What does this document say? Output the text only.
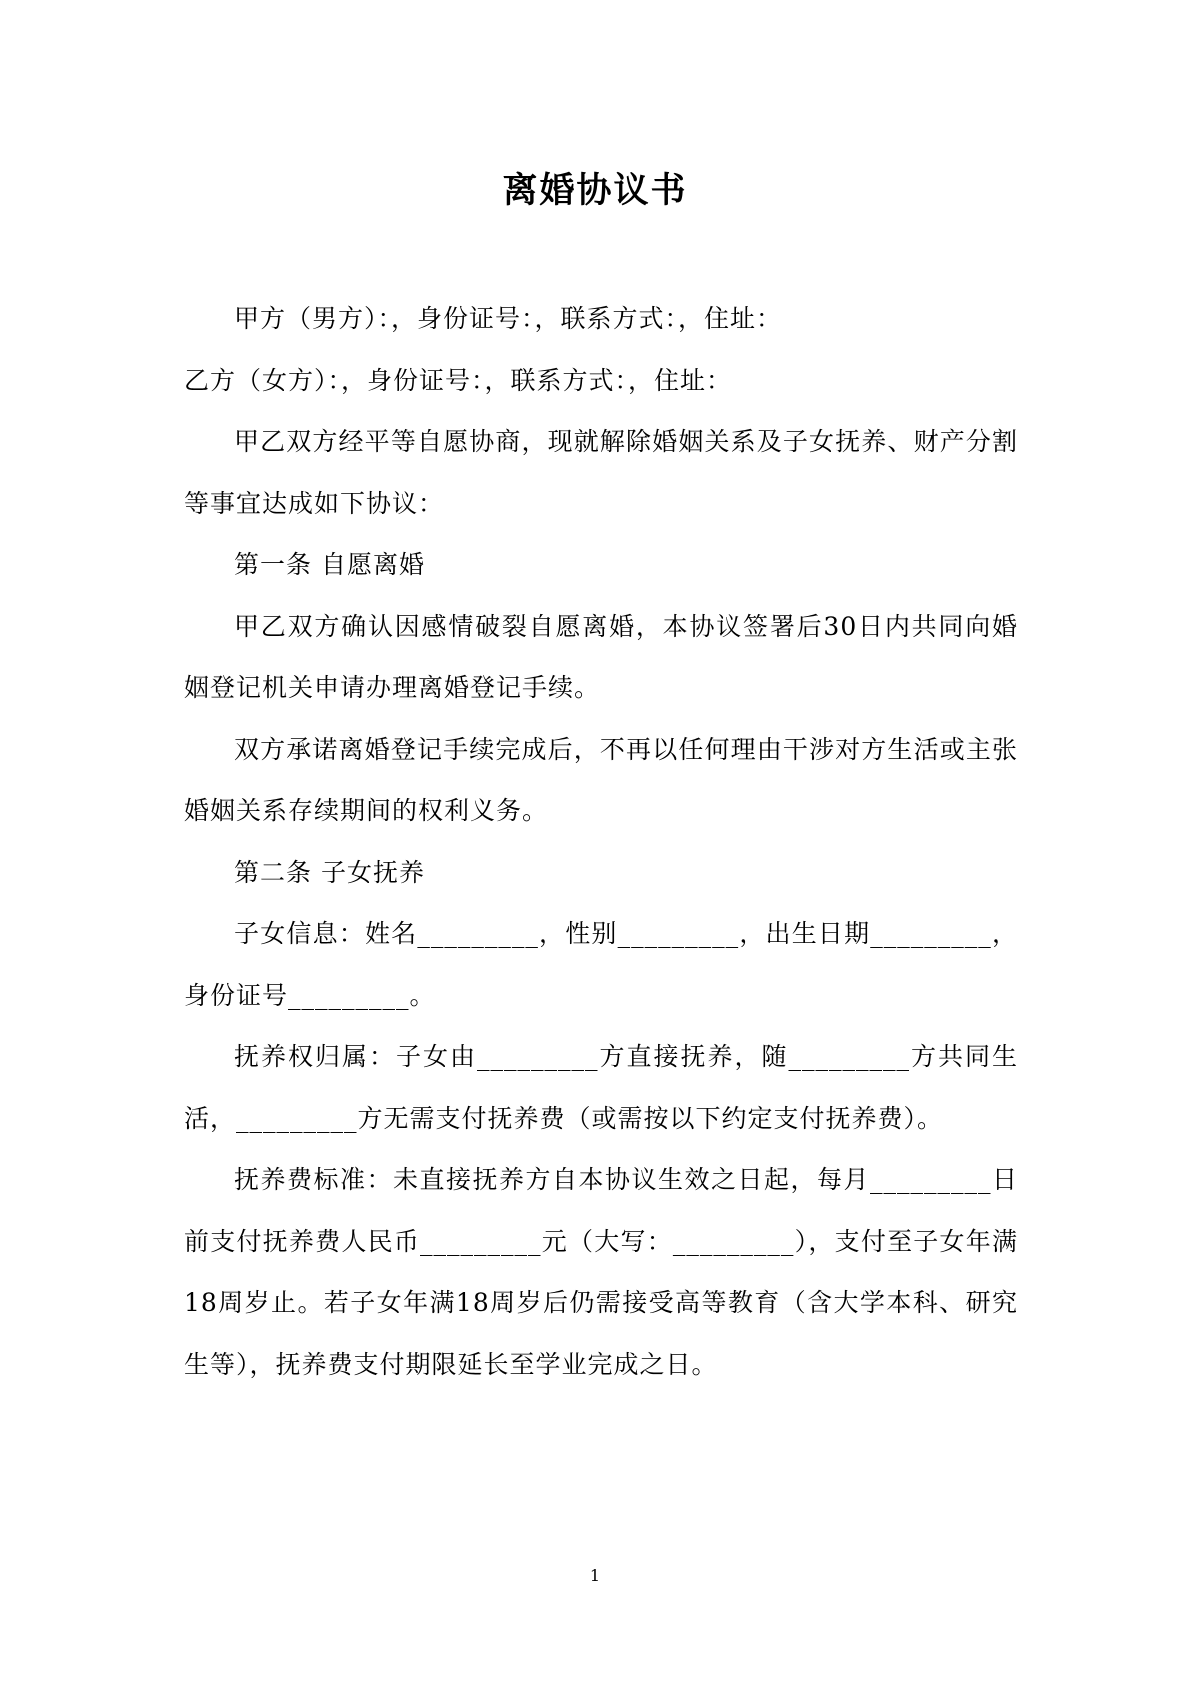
离婚协议书

甲方（男方）：，身份证号：，联系方式：，住址：

乙方（女方）：，身份证号：，联系方式：，住址：

甲乙双方经平等自愿协商，现就解除婚姻关系及子女抚养、财产分割等事宜达成如下协议：

第一条 自愿离婚

甲乙双方确认因感情破裂自愿离婚，本协议签署后30日内共同向婚姻登记机关申请办理离婚登记手续。

双方承诺离婚登记手续完成后，不再以任何理由干涉对方生活或主张婚姻关系存续期间的权利义务。

第二条 子女抚养

子女信息：姓名_________，性别_________，出生日期_________，身份证号_________。

抚养权归属：子女由_________方直接抚养，随_________方共同生活，_________方无需支付抚养费（或需按以下约定支付抚养费）。

抚养费标准：未直接抚养方自本协议生效之日起，每月_________日前支付抚养费人民币_________元（大写：_________），支付至子女年满18周岁止。若子女年满18周岁后仍需接受高等教育（含大学本科、研究生等），抚养费支付期限延长至学业完成之日。

1
